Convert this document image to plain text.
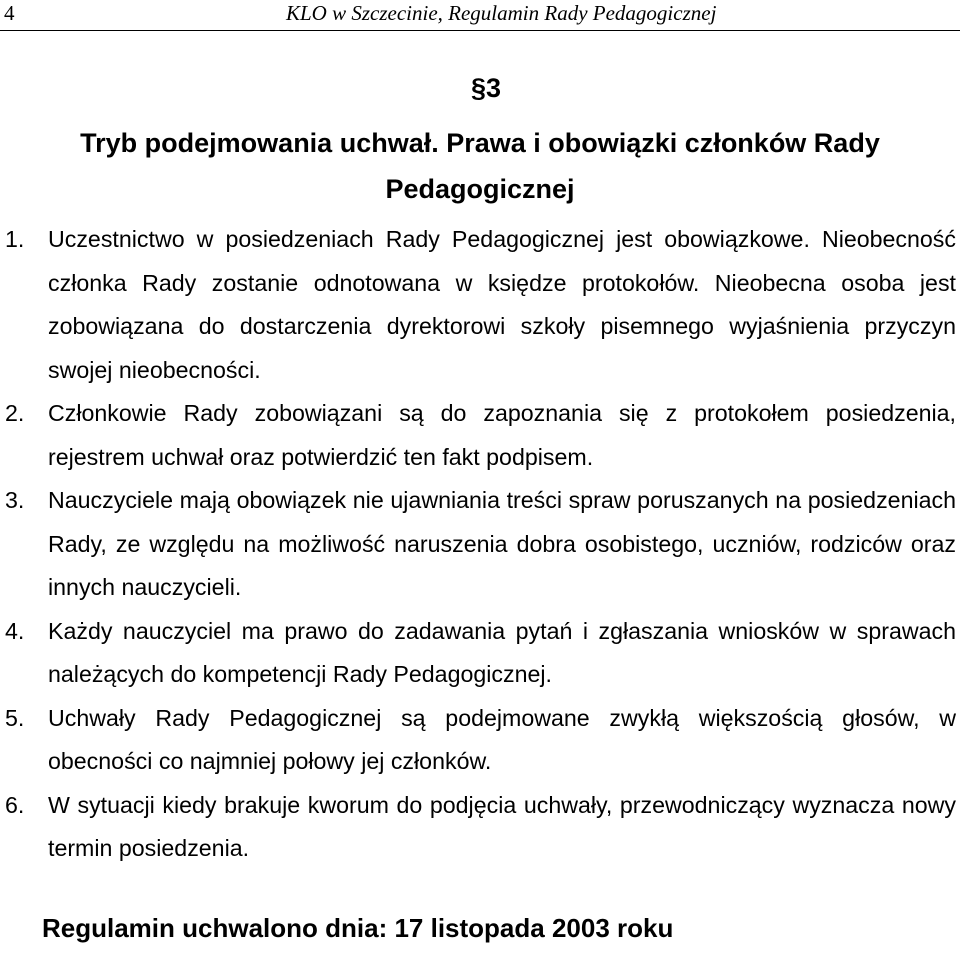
4	KLO w Szczecinie, Regulamin Rady Pedagogicznej
§3
Tryb podejmowania uchwał. Prawa i obowiązki członków Rady Pedagogicznej
1. Uczestnictwo w posiedzeniach Rady Pedagogicznej jest obowiązkowe. Nieobecność członka Rady zostanie odnotowana w księdze protokołów. Nieobecna osoba jest zobowiązana do dostarczenia dyrektorowi szkoły pisemnego wyjaśnienia przyczyn swojej nieobecności.
2. Członkowie Rady zobowiązani są do zapoznania się z protokołem posiedzenia, rejestrem uchwał oraz potwierdzić ten fakt podpisem.
3. Nauczyciele mają obowiązek nie ujawniania treści spraw poruszanych na posiedzeniach Rady, ze względu na możliwość naruszenia dobra osobistego, uczniów, rodziców oraz innych nauczycieli.
4. Każdy nauczyciel ma prawo do zadawania pytań i zgłaszania wniosków w sprawach należących do kompetencji Rady Pedagogicznej.
5. Uchwały Rady Pedagogicznej są podejmowane zwykłą większością głosów, w obecności co najmniej połowy jej członków.
6. W sytuacji kiedy brakuje kworum do podjęcia uchwały, przewodniczący wyznacza nowy termin posiedzenia.
Regulamin uchwalono dnia: 17 listopada 2003 roku
